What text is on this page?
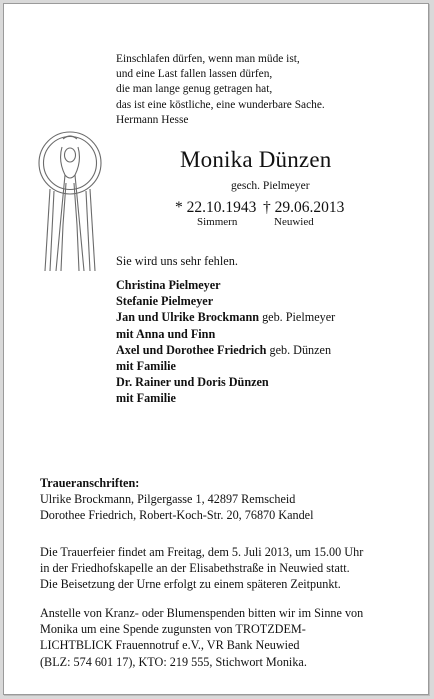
Einschlafen dürfen, wenn man müde ist,
und eine Last fallen lassen dürfen,
die man lange genug getragen hat,
das ist eine köstliche, eine wunderbare Sache.
Hermann Hesse
Monika Dünzen
gesch. Pielmeyer
* 22.10.1943 † 29.06.2013
Simmern	Neuwied
Sie wird uns sehr fehlen.
Christina Pielmeyer
Stefanie Pielmeyer
Jan und Ulrike Brockmann geb. Pielmeyer
mit Anna und Finn
Axel und Dorothee Friedrich geb. Dünzen
mit Familie
Dr. Rainer und Doris Dünzen
mit Familie
Traueranschriften:
Ulrike Brockmann, Pilgergasse 1, 42897 Remscheid
Dorothee Friedrich, Robert-Koch-Str. 20, 76870 Kandel
Die Trauerfeier findet am Freitag, dem 5. Juli 2013, um 15.00 Uhr
in der Friedhofskapelle an der Elisabethstraße in Neuwied statt.
Die Beisetzung der Urne erfolgt zu einem späteren Zeitpunkt.
Anstelle von Kranz- oder Blumenspenden bitten wir im Sinne von
Monika um eine Spende zugunsten von TROTZDEM-
LICHTBLICK Frauennotruf e.V., VR Bank Neuwied
(BLZ: 574 601 17), KTO: 219 555, Stichwort Monika.
